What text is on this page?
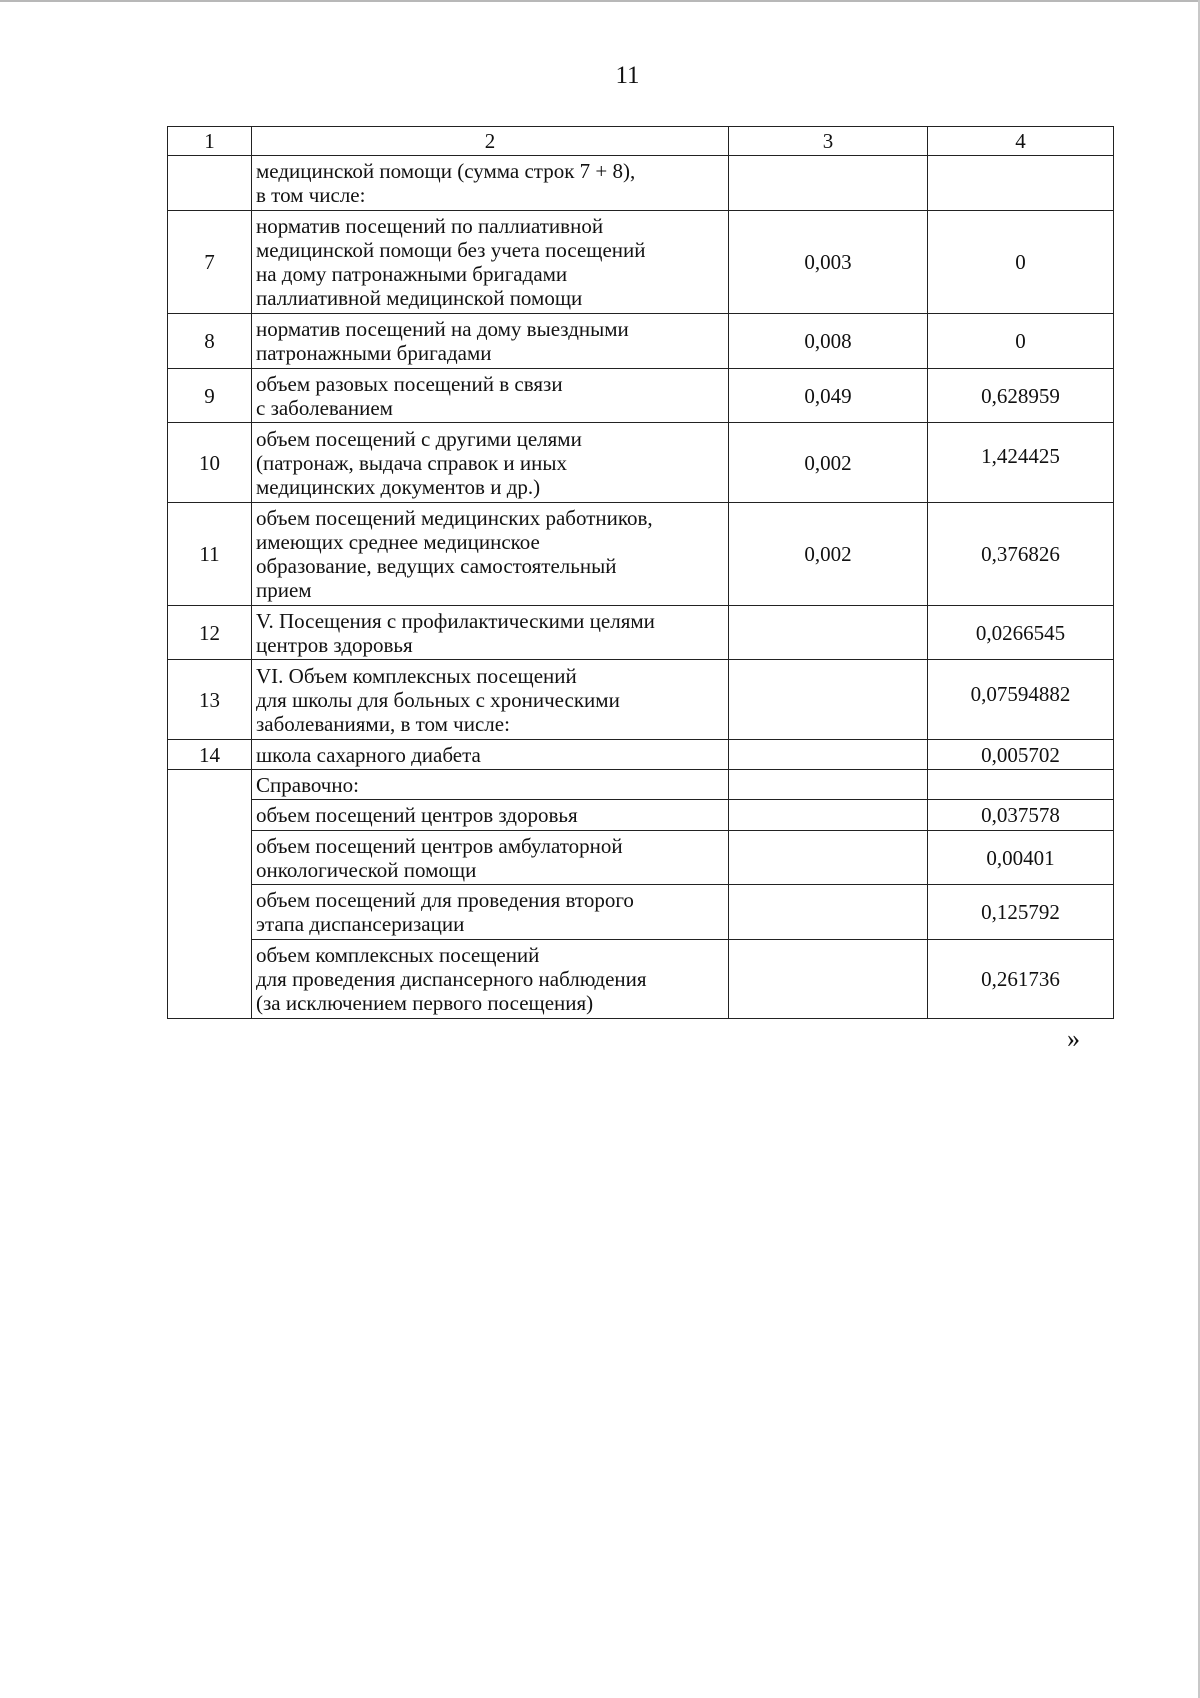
11
1	2	3	4

	медицинской помощи (сумма строк 7 + 8),
в том числе:		

7	норматив посещений по паллиативной
медицинской помощи без учета посещений
на дому патронажными бригадами
паллиативной медицинской помощи	0,003	0
8	норматив посещений на дому выездными
патронажными бригадами	0,008	0
9	объем разовых посещений в связи
с заболеванием	0,049	0,628959
10	объем посещений с другими целями
(патронаж, выдача справок и иных
медицинских документов и др.)	0,002	1,424425
11	объем посещений медицинских работников,
имеющих среднее медицинское
образование, ведущих самостоятельный
прием	0,002	0,376826
12	V. Посещения с профилактическими целями
центров здоровья		0,0266545
13	VI. Объем комплексных посещений
для школы для больных с хроническими
заболеваниями, в том числе:		0,07594882
14	школа сахарного диабета		0,005702
	Справочно:		
	объем посещений центров здоровья		0,037578

	объем посещений центров амбулаторной
онкологической помощи		0,00401

	объем посещений для проведения второго
этапа диспансеризации		0,125792

	объем комплексных посещений
для проведения диспансерного наблюдения
(за исключением первого посещения)		0,261736
»
